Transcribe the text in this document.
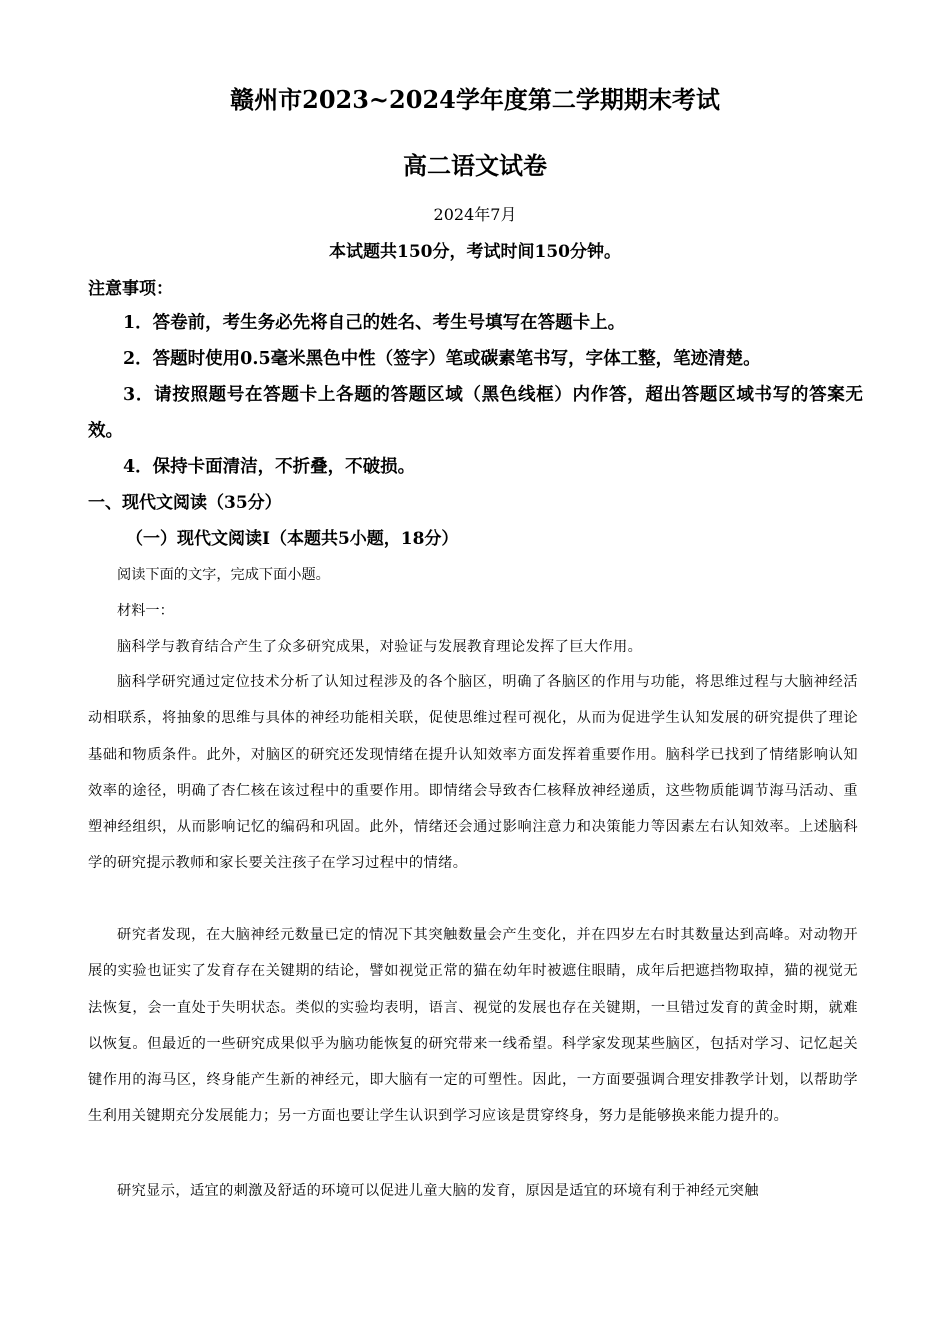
赣州市2023~2024学年度第二学期期末考试
高二语文试卷
2024年7月
本试题共150分，考试时间150分钟。
注意事项：
1．答卷前，考生务必先将自己的姓名、考生号填写在答题卡上。
2．答题时使用0.5毫米黑色中性（签字）笔或碳素笔书写，字体工整，笔迹清楚。
3．请按照题号在答题卡上各题的答题区域（黑色线框）内作答，超出答题区域书写的答案无效。
4．保持卡面清洁，不折叠，不破损。
一、现代文阅读（35分）
（一）现代文阅读Ⅰ（本题共5小题，18分）
阅读下面的文字，完成下面小题。
材料一：
脑科学与教育结合产生了众多研究成果，对验证与发展教育理论发挥了巨大作用。
脑科学研究通过定位技术分析了认知过程涉及的各个脑区，明确了各脑区的作用与功能，将思维过程与大脑神经活动相联系，将抽象的思维与具体的神经功能相关联，促使思维过程可视化，从而为促进学生认知发展的研究提供了理论基础和物质条件。此外，对脑区的研究还发现情绪在提升认知效率方面发挥着重要作用。脑科学已找到了情绪影响认知效率的途径，明确了杏仁核在该过程中的重要作用。即情绪会导致杏仁核释放神经递质，这些物质能调节海马活动、重塑神经组织，从而影响记忆的编码和巩固。此外，情绪还会通过影响注意力和决策能力等因素左右认知效率。上述脑科学的研究提示教师和家长要关注孩子在学习过程中的情绪。
研究者发现，在大脑神经元数量已定的情况下其突触数量会产生变化，并在四岁左右时其数量达到高峰。对动物开展的实验也证实了发育存在关键期的结论，譬如视觉正常的猫在幼年时被遮住眼睛，成年后把遮挡物取掉，猫的视觉无法恢复，会一直处于失明状态。类似的实验均表明，语言、视觉的发展也存在关键期，一旦错过发育的黄金时期，就难以恢复。但最近的一些研究成果似乎为脑功能恢复的研究带来一线希望。科学家发现某些脑区，包括对学习、记忆起关键作用的海马区，终身能产生新的神经元，即大脑有一定的可塑性。因此，一方面要强调合理安排教学计划，以帮助学生利用关键期充分发展能力；另一方面也要让学生认识到学习应该是贯穿终身，努力是能够换来能力提升的。
研究显示，适宜的刺激及舒适的环境可以促进儿童大脑的发育，原因是适宜的环境有利于神经元突触
